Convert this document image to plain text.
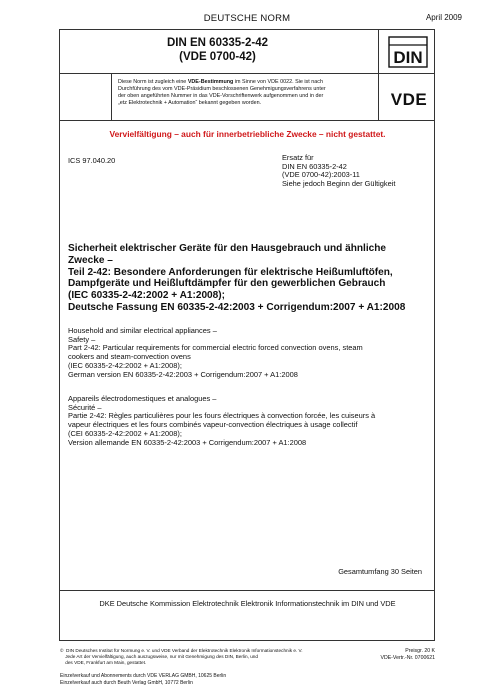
DEUTSCHE NORM	April 2009
DIN EN 60335-2-42
(VDE 0700-42)	DIN
Diese Norm ist zugleich eine VDE-Bestimmung im Sinne von VDE 0022. Sie ist nach
Durchführung des vom VDE-Präsidium beschlossenen Genehmigungsverfahrens unter
der oben angeführten Nummer in das VDE-Vorschriftenwerk aufgenommen und in der
„etz Elektrotechnik + Automation“ bekannt gegeben worden.	VDE
Vervielfältigung – auch für innerbetriebliche Zwecke – nicht gestattet.
ICS 97.040.20	Ersatz für
DIN EN 60335-2-42
(VDE 0700-42):2003-11
Siehe jedoch Beginn der Gültigkeit
Sicherheit elektrischer Geräte für den Hausgebrauch und ähnliche
Zwecke –
Teil 2-42: Besondere Anforderungen für elektrische Heißumluftöfen,
Dampfgeräte und Heißluftdämpfer für den gewerblichen Gebrauch
(IEC 60335-2-42:2002 + A1:2008);
Deutsche Fassung EN 60335-2-42:2003 + Corrigendum:2007 + A1:2008
Household and similar electrical appliances –
Safety –
Part 2-42: Particular requirements for commercial electric forced convection ovens, steam
cookers and steam-convection ovens
(IEC 60335-2-42:2002 + A1:2008);
German version EN 60335-2-42:2003 + Corrigendum:2007 + A1:2008
Appareils électrodomestiques et analogues –
Sécurité –
Partie 2-42: Règles particulières pour les fours électriques à convection forcée, les cuiseurs à
vapeur électriques et les fours combinés vapeur-convection électriques à usage collectif
(CEI 60335-2-42:2002 + A1:2008);
Version allemande EN 60335-2-42:2003 + Corrigendum:2007 + A1:2008
Gesamtumfang 30 Seiten
DKE Deutsche Kommission Elektrotechnik Elektronik Informationstechnik im DIN und VDE
©  DIN Deutsches Institut für Normung e. V. und VDE Verband der Elektrotechnik Elektronik Informationstechnik e. V.
Jede Art der Vervielfältigung, auch auszugsweise, nur mit Genehmigung des DIN, Berlin, und
des VDE, Frankfurt am Main, gestattet.
Preisgr. 20 K
VDE-Vertr.-Nr. 0700621
Einzelverkauf und Abonnements durch VDE VERLAG GMBH, 10625 Berlin
Einzelverkauf auch durch Beuth Verlag GmbH, 10772 Berlin
